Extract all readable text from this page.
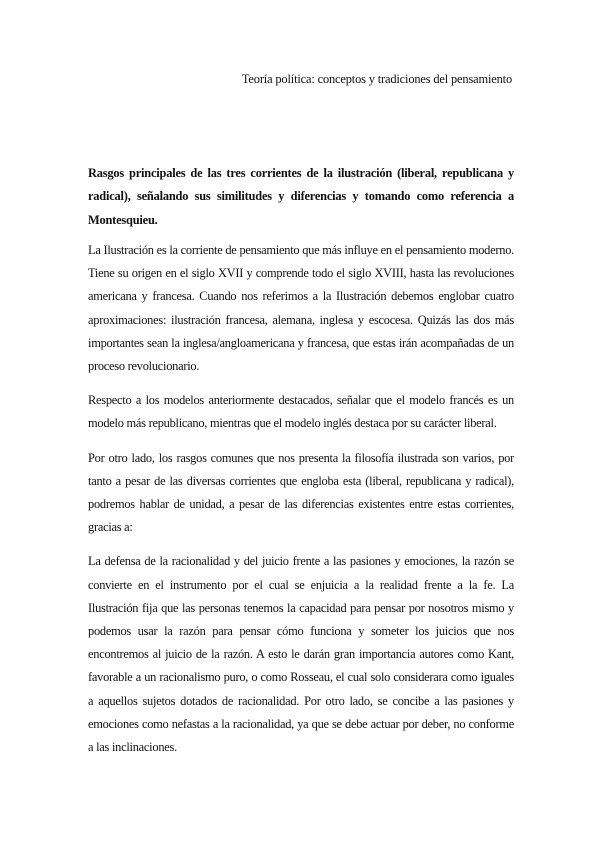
Teoría política: conceptos y tradiciones del pensamiento

Rasgos principales de las tres corrientes de la ilustración (liberal, republicana y radical), señalando sus similitudes y diferencias y tomando como referencia a Montesquieu.

La Ilustración es la corriente de pensamiento que más influye en el pensamiento moderno. Tiene su origen en el siglo XVII y comprende todo el siglo XVIII, hasta las revoluciones americana y francesa. Cuando nos referimos a la Ilustración debemos englobar cuatro aproximaciones: ilustración francesa, alemana, inglesa y escocesa. Quizás las dos más importantes sean la inglesa/angloamericana y francesa, que estas irán acompañadas de un proceso revolucionario.

Respecto a los modelos anteriormente destacados, señalar que el modelo francés es un modelo más republicano, mientras que el modelo inglés destaca por su carácter liberal.

Por otro lado, los rasgos comunes que nos presenta la filosofía ilustrada son varios, por tanto a pesar de las diversas corrientes que engloba esta (liberal, republicana y radical), podremos hablar de unidad, a pesar de las diferencias existentes entre estas corrientes, gracias a:

La defensa de la racionalidad y del juicio frente a las pasiones y emociones, la razón se convierte en el instrumento por el cual se enjuicia a la realidad frente a la fe. La Ilustración fija que las personas tenemos la capacidad para pensar por nosotros mismo y podemos usar la razón para pensar cómo funciona y someter los juicios que nos encontremos al juicio de la razón. A esto le darán gran importancia autores como Kant, favorable a un racionalismo puro, o como Rosseau, el cual solo considerara como iguales a aquellos sujetos dotados de racionalidad. Por otro lado, se concibe a las pasiones y emociones como nefastas a la racionalidad, ya que se debe actuar por deber, no conforme a las inclinaciones.
